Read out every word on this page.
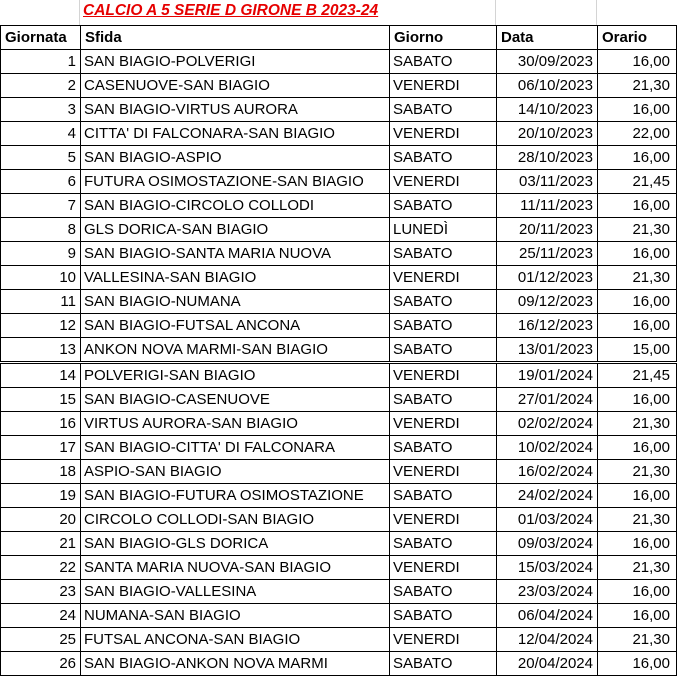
CALCIO A 5 SERIE D GIRONE B 2023-24
Giornata	Sfida	Giorno	Data	Orario
1	SAN BIAGIO-POLVERIGI	SABATO	30/09/2023	16,00
2	CASENUOVE-SAN BIAGIO	VENERDI	06/10/2023	21,30
3	SAN BIAGIO-VIRTUS AURORA	SABATO	14/10/2023	16,00
4	CITTA' DI FALCONARA-SAN BIAGIO	VENERDI	20/10/2023	22,00
5	SAN BIAGIO-ASPIO	SABATO	28/10/2023	16,00
6	FUTURA OSIMOSTAZIONE-SAN BIAGIO	VENERDI	03/11/2023	21,45
7	SAN BIAGIO-CIRCOLO COLLODI	SABATO	11/11/2023	16,00
8	GLS DORICA-SAN BIAGIO	LUNEDÌ	20/11/2023	21,30
9	SAN BIAGIO-SANTA MARIA NUOVA	SABATO	25/11/2023	16,00
10	VALLESINA-SAN BIAGIO	VENERDI	01/12/2023	21,30
11	SAN BIAGIO-NUMANA	SABATO	09/12/2023	16,00
12	SAN BIAGIO-FUTSAL ANCONA	SABATO	16/12/2023	16,00
13	ANKON NOVA MARMI-SAN BIAGIO	SABATO	13/01/2023	15,00
14	POLVERIGI-SAN BIAGIO	VENERDI	19/01/2024	21,45
15	SAN BIAGIO-CASENUOVE	SABATO	27/01/2024	16,00
16	VIRTUS AURORA-SAN BIAGIO	VENERDI	02/02/2024	21,30
17	SAN BIAGIO-CITTA' DI FALCONARA	SABATO	10/02/2024	16,00
18	ASPIO-SAN BIAGIO	VENERDI	16/02/2024	21,30
19	SAN BIAGIO-FUTURA OSIMOSTAZIONE	SABATO	24/02/2024	16,00
20	CIRCOLO COLLODI-SAN BIAGIO	VENERDI	01/03/2024	21,30
21	SAN BIAGIO-GLS DORICA	SABATO	09/03/2024	16,00
22	SANTA MARIA NUOVA-SAN BIAGIO	VENERDI	15/03/2024	21,30
23	SAN BIAGIO-VALLESINA	SABATO	23/03/2024	16,00
24	NUMANA-SAN BIAGIO	SABATO	06/04/2024	16,00
25	FUTSAL ANCONA-SAN BIAGIO	VENERDI	12/04/2024	21,30
26	SAN BIAGIO-ANKON NOVA MARMI	SABATO	20/04/2024	16,00
